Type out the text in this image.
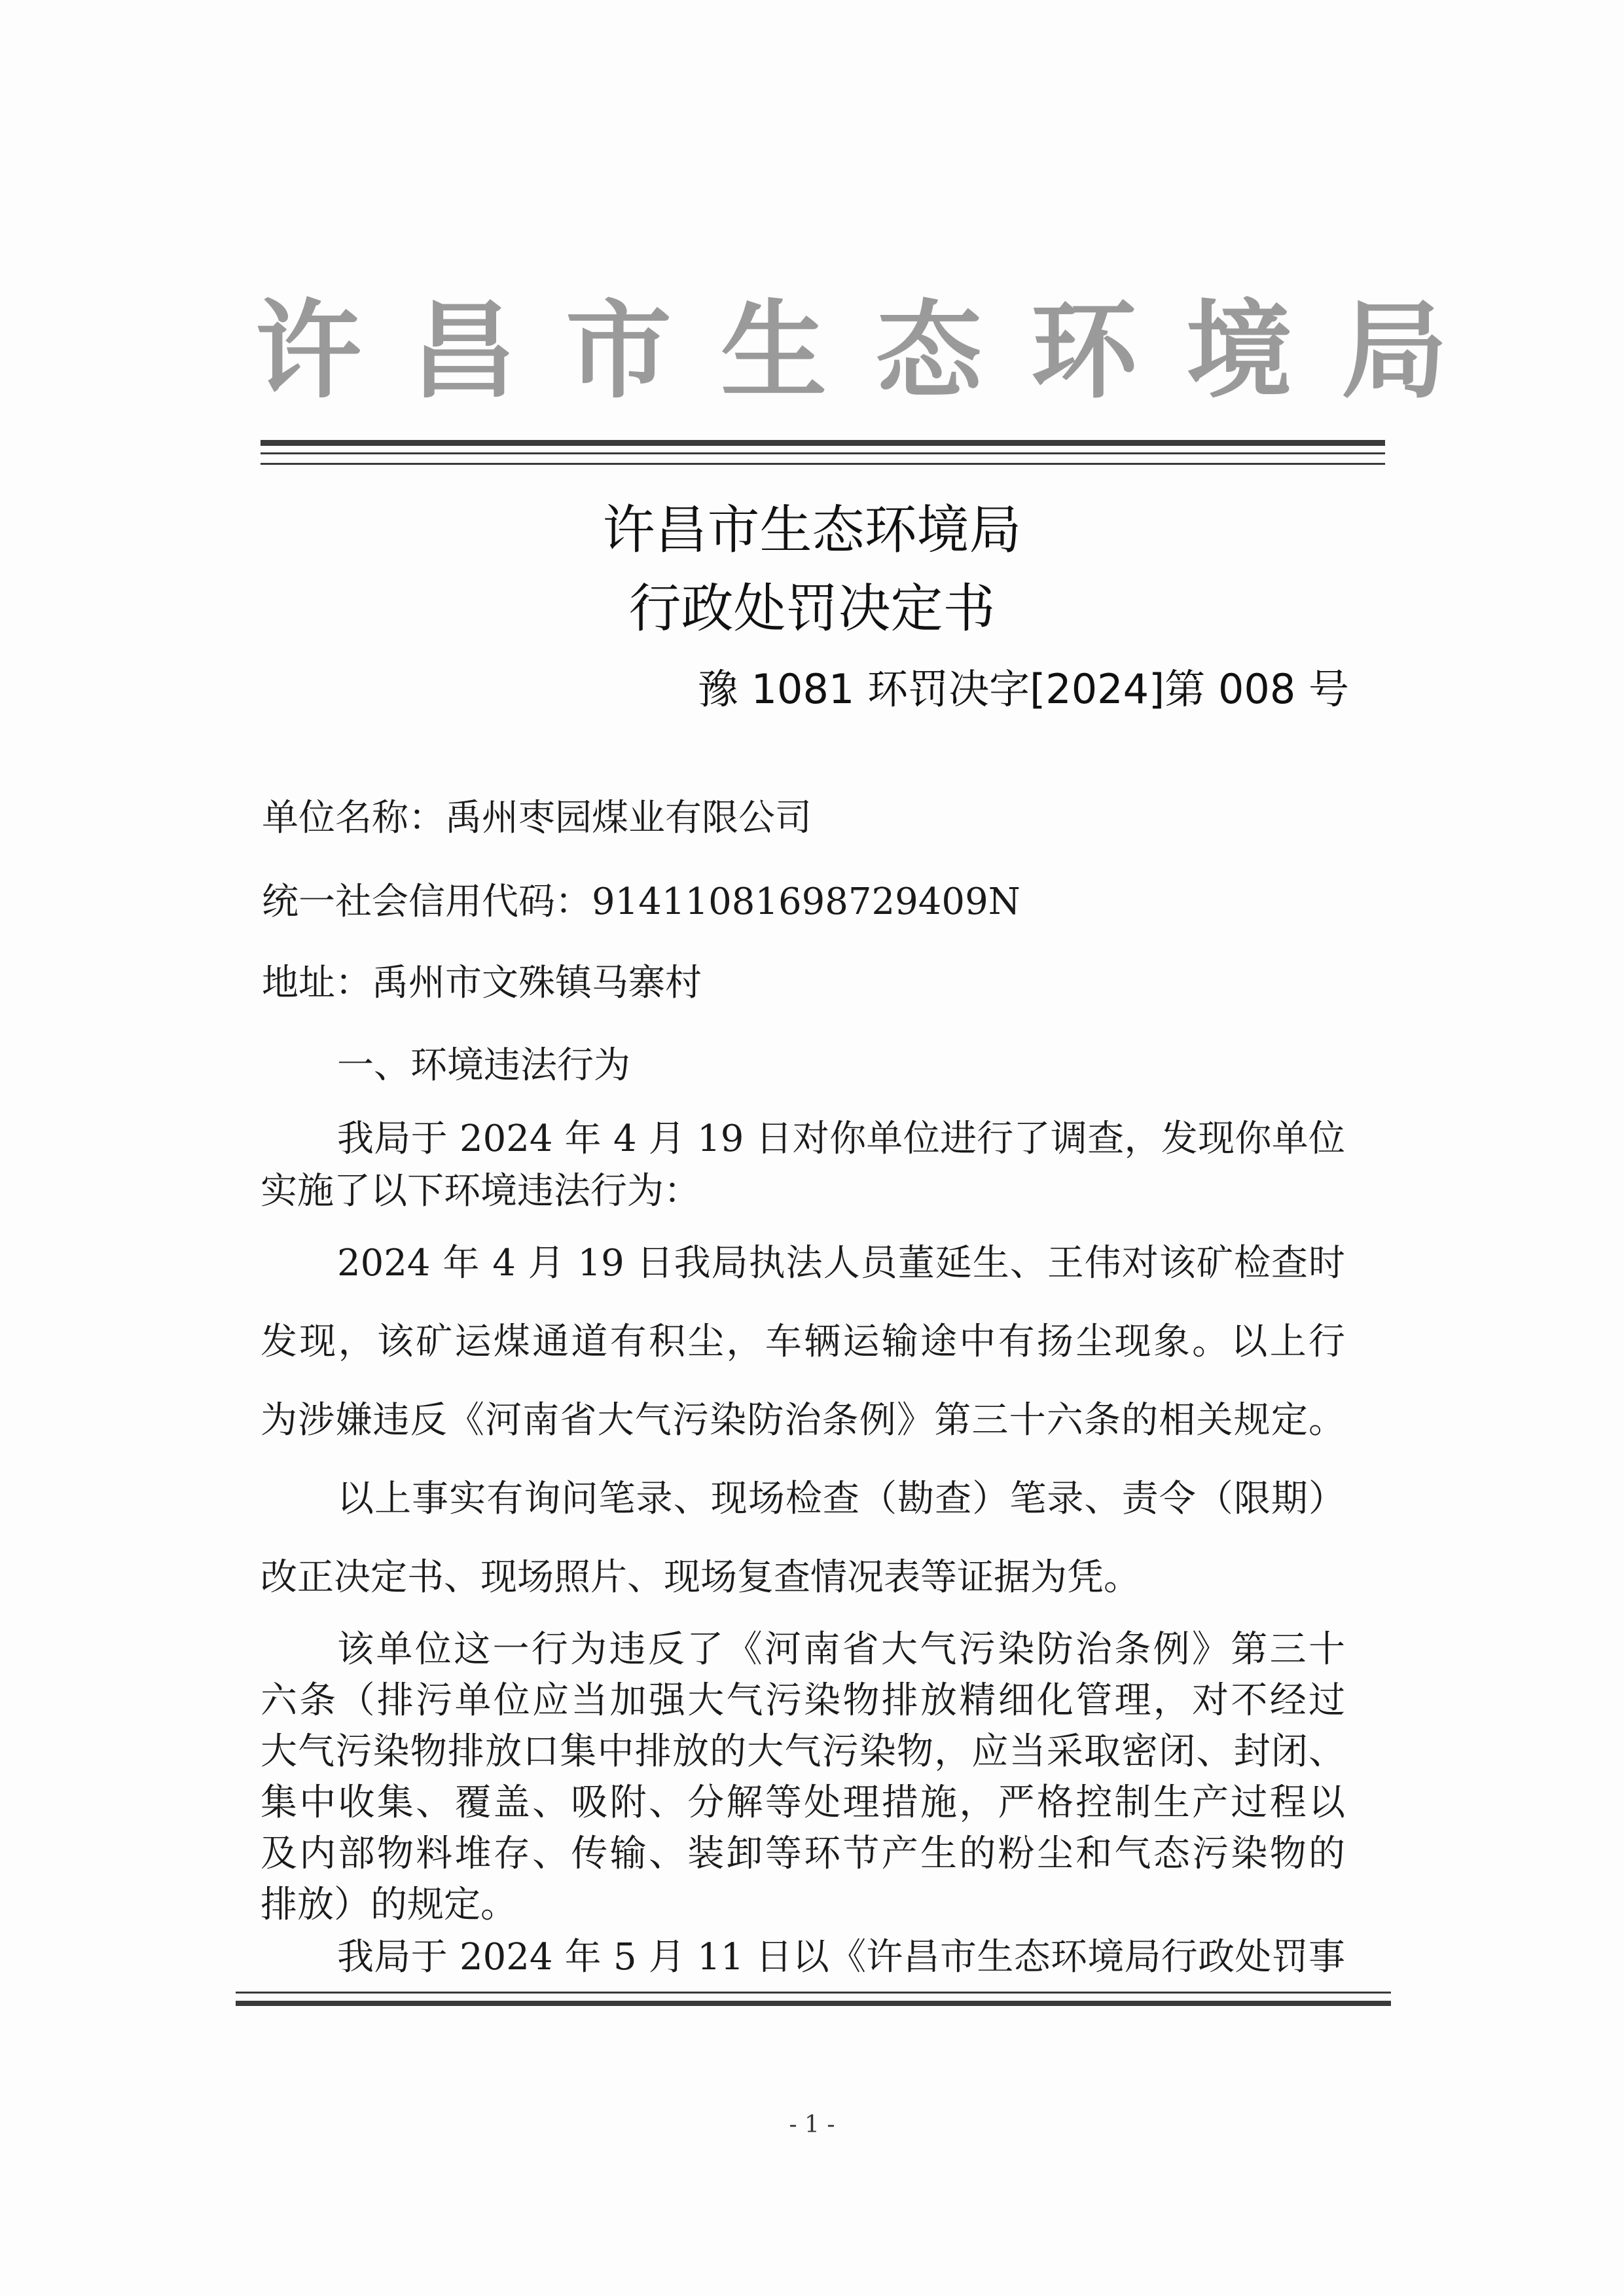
许昌市生态环境局
许昌市生态环境局
行政处罚决定书
豫 1081 环罚决字[2024]第 008 号
单位名称：禹州枣园煤业有限公司
统一社会信用代码：91411081698729409N
地址：禹州市文殊镇马寨村
一、环境违法行为
我局于 2024 年 4 月 19 日对你单位进行了调查，发现你单位
实施了以下环境违法行为：
2024 年 4 月 19 日我局执法人员董延生、王伟对该矿检查时
发现，该矿运煤通道有积尘，车辆运输途中有扬尘现象。以上行
为涉嫌违反《河南省大气污染防治条例》第三十六条的相关规定。
以上事实有询问笔录、现场检查（勘查）笔录、责令（限期）
改正决定书、现场照片、现场复查情况表等证据为凭。
该单位这一行为违反了《河南省大气污染防治条例》第三十
六条（排污单位应当加强大气污染物排放精细化管理，对不经过
大气污染物排放口集中排放的大气污染物，应当采取密闭、封闭、
集中收集、覆盖、吸附、分解等处理措施，严格控制生产过程以
及内部物料堆存、传输、装卸等环节产生的粉尘和气态污染物的
排放）的规定。
我局于 2024 年 5 月 11 日以《许昌市生态环境局行政处罚事
- 1 -
